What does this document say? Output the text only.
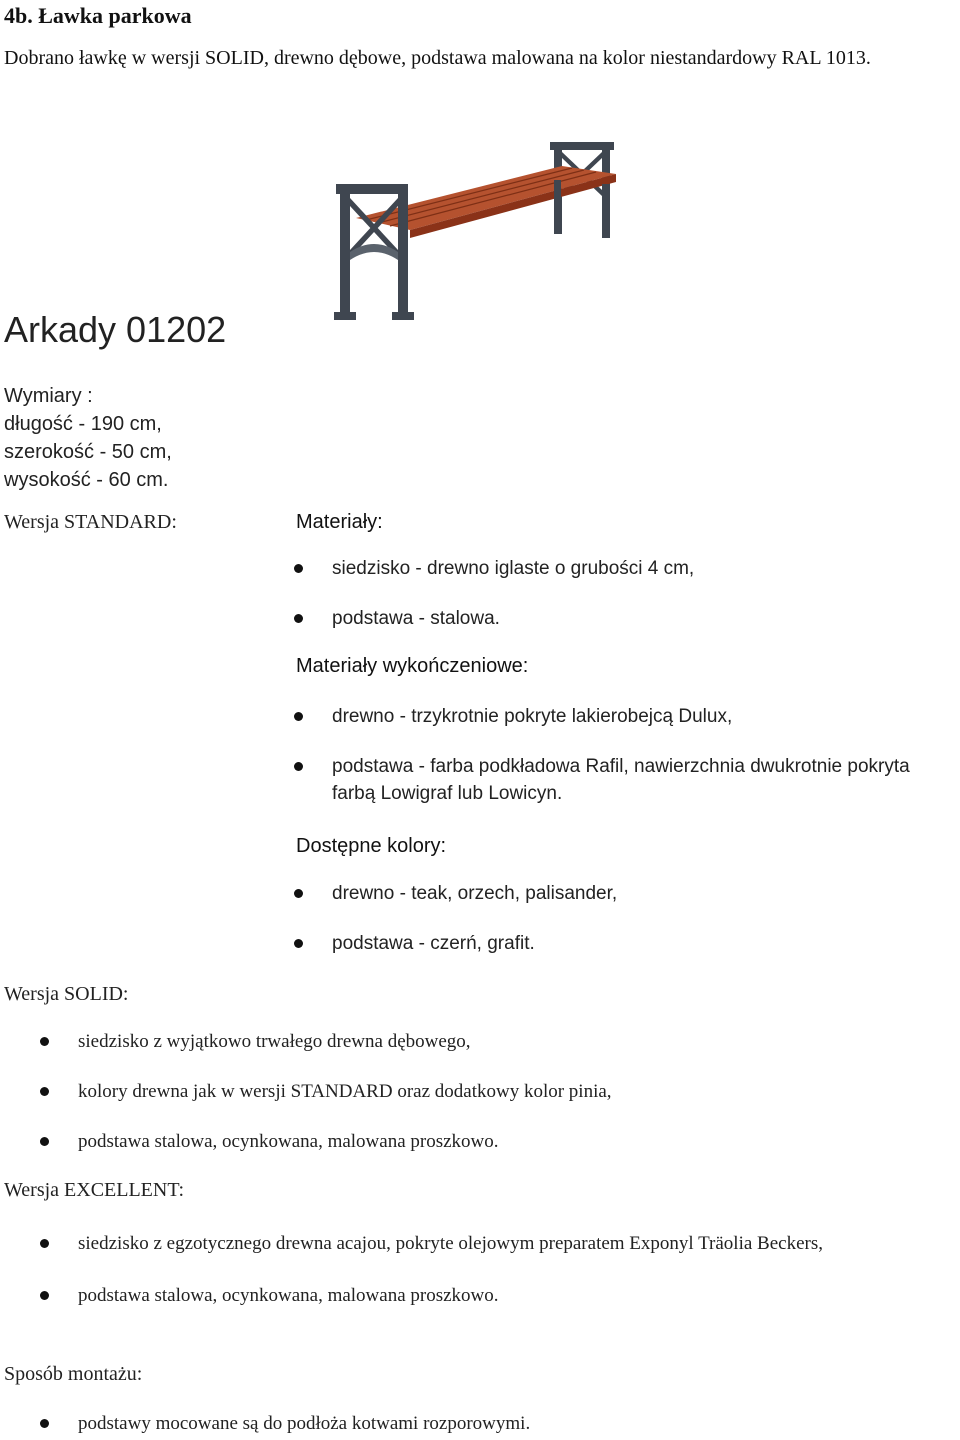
4b. Ławka parkowa
Dobrano ławkę w wersji SOLID, drewno dębowe, podstawa malowana na kolor niestandardowy RAL 1013.
Arkady 01202
Wymiary :
długość - 190 cm,
szerokość - 50 cm,
wysokość - 60 cm.
Wersja STANDARD:	Materiały:
siedzisko - drewno iglaste o grubości 4 cm,
podstawa - stalowa.
Materiały wykończeniowe:
drewno - trzykrotnie pokryte lakierobejcą Dulux,
podstawa - farba podkładowa Rafil, nawierzchnia dwukrotnie pokryta farbą Lowigraf lub Lowicyn.
Dostępne kolory:
drewno - teak, orzech, palisander,
podstawa - czerń, grafit.
Wersja SOLID:
siedzisko z wyjątkowo trwałego drewna dębowego,
kolory drewna jak w wersji STANDARD oraz dodatkowy kolor pinia,
podstawa stalowa, ocynkowana, malowana proszkowo.
Wersja EXCELLENT:
siedzisko z egzotycznego drewna acajou, pokryte olejowym preparatem Exponyl Träolia Beckers,
podstawa stalowa, ocynkowana, malowana proszkowo.
Sposób montażu:
podstawy mocowane są do podłoża kotwami rozporowymi.
